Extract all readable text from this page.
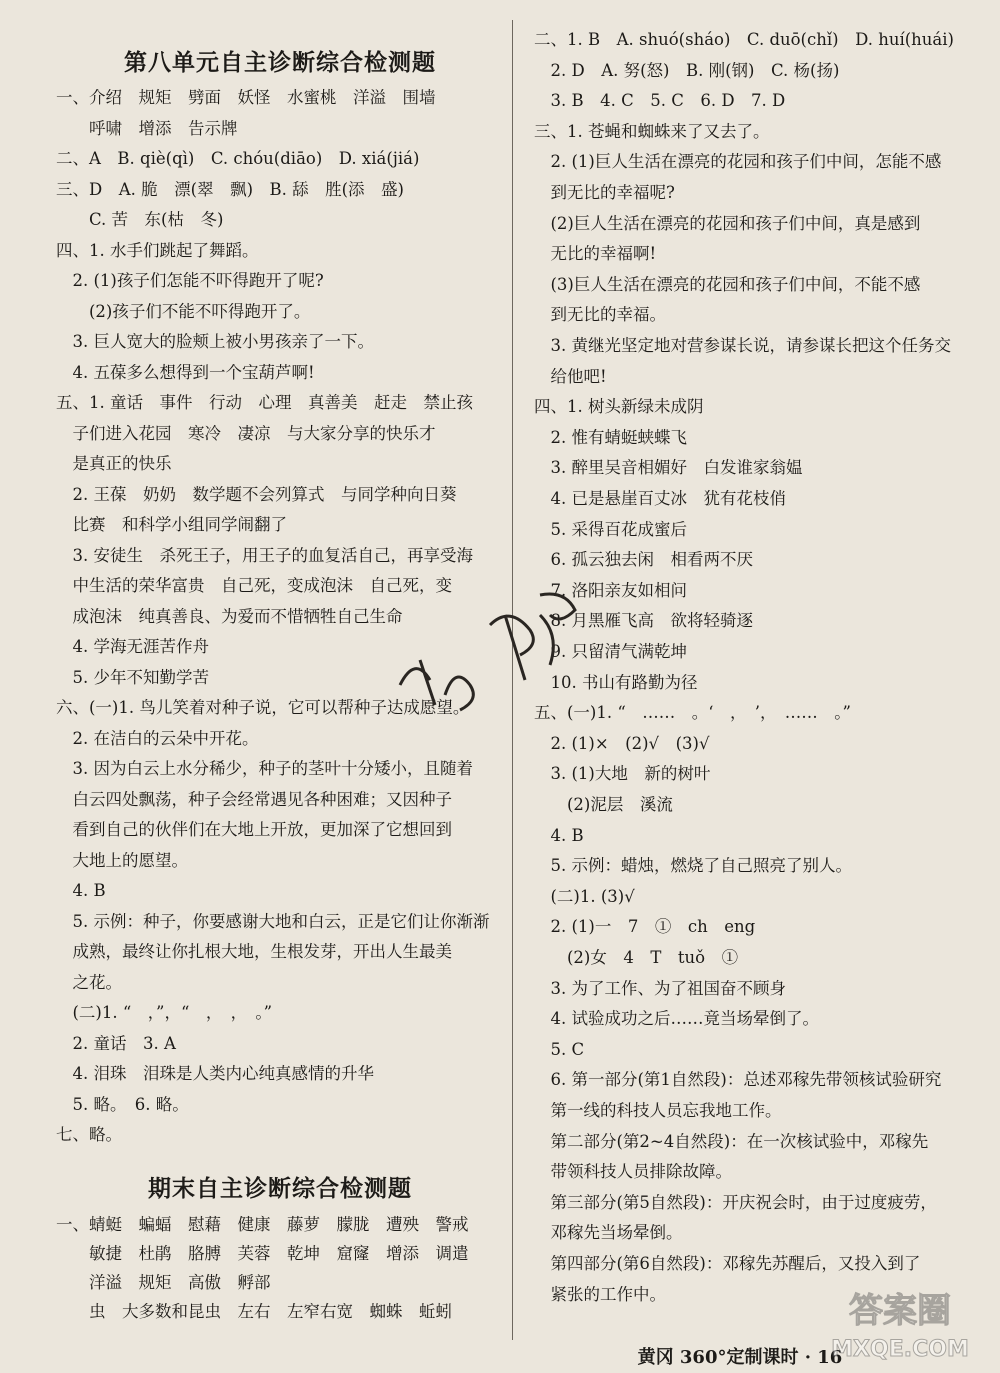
第八单元自主诊断综合检测题
一、介绍　规矩　劈面　妖怪　水蜜桃　洋溢　围墙
　　呼啸　增添　告示牌
二、A　B. qiè(qì)　C. chóu(diāo)　D. xiá(jiá)
三、D　A. 脆　漂(翠　飘)　B. 舔　胜(添　盛)
　　C. 苦　东(枯　冬)
四、1. 水手们跳起了舞蹈。
　2. (1)孩子们怎能不吓得跑开了呢?
　　(2)孩子们不能不吓得跑开了。
　3. 巨人宽大的脸颊上被小男孩亲了一下。
　4. 五葆多么想得到一个宝葫芦啊!
五、1. 童话　事件　行动　心理　真善美　赶走　禁止孩
　子们进入花园　寒冷　凄凉　与大家分享的快乐才
　是真正的快乐
　2. 王葆　奶奶　数学题不会列算式　与同学种向日葵
　比赛　和科学小组同学闹翻了
　3. 安徒生　杀死王子，用王子的血复活自己，再享受海
　中生活的荣华富贵　自己死，变成泡沫　自己死，变
　成泡沫　纯真善良、为爱而不惜牺牲自己生命
　4. 学海无涯苦作舟
　5. 少年不知勤学苦
六、(一)1. 鸟儿笑着对种子说，它可以帮种子达成愿望。
　2. 在洁白的云朵中开花。
　3. 因为白云上水分稀少，种子的茎叶十分矮小，且随着
　白云四处飘荡，种子会经常遇见各种困难；又因种子
　看到自己的伙伴们在大地上开放，更加深了它想回到
　大地上的愿望。
　4. B
　5. 示例：种子，你要感谢大地和白云，正是它们让你渐渐
　成熟，最终让你扎根大地，生根发芽，开出人生最美
　之花。
　(二)1. “　，”，“　，　，　。”
　2. 童话　3. A
　4. 泪珠　泪珠是人类内心纯真感情的升华
　5. 略。　6. 略。
七、略。
期末自主诊断综合检测题
一、蜻蜓　蝙蝠　慰藉　健康　藤萝　朦胧　遭殃　警戒
　　敏捷　杜鹃　胳膊　芙蓉　乾坤　窟窿　增添　调遣
　　洋溢　规矩　高傲　孵部
　　虫　大多数和昆虫　左右　左窄右宽　蜘蛛　蚯蚓
二、1. B　A. shuó(sháo)　C. duō(chǐ)　D. huí(huái)
　2. D　A. 努(怒)　B. 刚(钢)　C. 杨(扬)
　3. B　4. C　5. C　6. D　7. D
三、1. 苍蝇和蜘蛛来了又去了。
　2. (1)巨人生活在漂亮的花园和孩子们中间，怎能不感
　到无比的幸福呢?
　(2)巨人生活在漂亮的花园和孩子们中间，真是感到
　无比的幸福啊!
　(3)巨人生活在漂亮的花园和孩子们中间，不能不感
　到无比的幸福。
　3. 黄继光坚定地对营参谋长说，请参谋长把这个任务交
　给他吧!
四、1. 树头新绿未成阴
　2. 惟有蜻蜓蛱蝶飞
　3. 醉里吴音相媚好　白发谁家翁媪
　4. 已是悬崖百丈冰　犹有花枝俏
　5. 采得百花成蜜后
　6. 孤云独去闲　相看两不厌
　7. 洛阳亲友如相问
　8. 月黑雁飞高　欲将轻骑逐
　9. 只留清气满乾坤
　10. 书山有路勤为径
五、(一)1. “　……　。‘　，　’，　……　。”
　2. (1)×　(2)√　(3)√
　3. (1)大地　新的树叶
　　(2)泥层　溪流
　4. B
　5. 示例：蜡烛，燃烧了自己照亮了别人。
　(二)1. (3)√
　2. (1)一　7　①　ch　eng
　　(2)女　4　T　tuǒ　①
　3. 为了工作、为了祖国奋不顾身
　4. 试验成功之后……竟当场晕倒了。
　5. C
　6. 第一部分(第1自然段)：总述邓稼先带领核试验研究
　第一线的科技人员忘我地工作。
　第二部分(第2~4自然段)：在一次核试验中，邓稼先
　带领科技人员排除故障。
　第三部分(第5自然段)：开庆祝会时，由于过度疲劳，
　邓稼先当场晕倒。
　第四部分(第6自然段)：邓稼先苏醒后，又投入到了
　紧张的工作中。
黄冈 360°定制课时 · 16
答案圈
MXQE.COM
